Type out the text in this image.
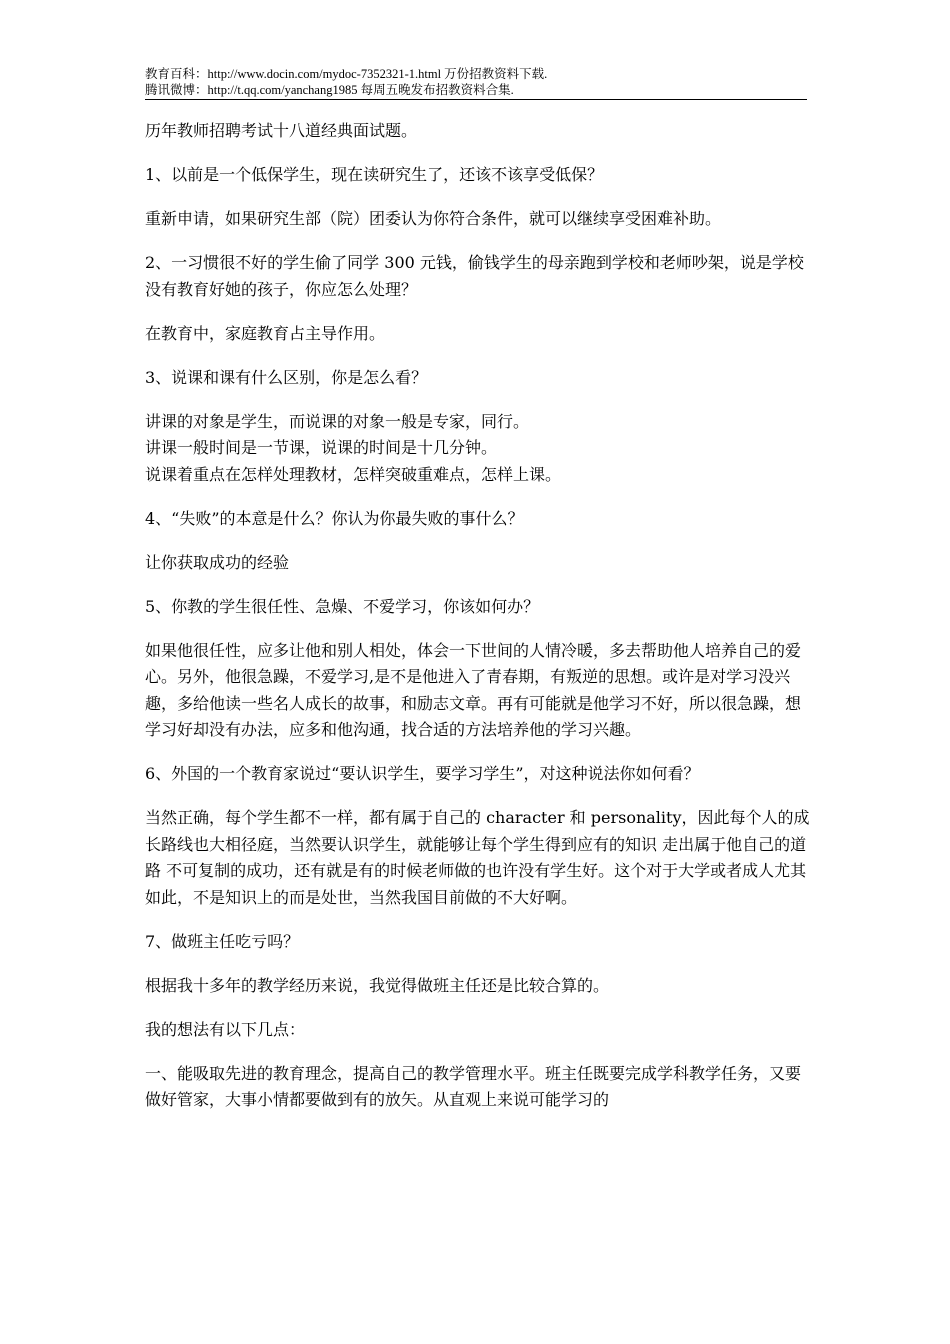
教育百科：http://www.docin.com/mydoc-7352321-1.html 万份招教资料下载.
腾讯微博：http://t.qq.com/yanchang1985 每周五晚发布招教资料合集.

历年教师招聘考试十八道经典面试题。

1、以前是一个低保学生，现在读研究生了，还该不该享受低保？

重新申请，如果研究生部（院）团委认为你符合条件，就可以继续享受困难补助。

2、一习惯很不好的学生偷了同学 300 元钱，偷钱学生的母亲跑到学校和老师吵架，说是学校没有教育好她的孩子，你应怎么处理？

在教育中，家庭教育占主导作用。

3、说课和课有什么区别，你是怎么看？

讲课的对象是学生，而说课的对象一般是专家，同行。

讲课一般时间是一节课，说课的时间是十几分钟。

说课着重点在怎样处理教材，怎样突破重难点，怎样上课。

4、“失败”的本意是什么？你认为你最失败的事什么？

让你获取成功的经验

5、你教的学生很任性、急燥、不爱学习，你该如何办？

如果他很任性，应多让他和别人相处，体会一下世间的人情冷暖，多去帮助他人培养自己的爱心。另外，他很急躁，不爱学习,是不是他进入了青春期，有叛逆的思想。或许是对学习没兴趣，多给他读一些名人成长的故事，和励志文章。再有可能就是他学习不好，所以很急躁，想学习好却没有办法，应多和他沟通，找合适的方法培养他的学习兴趣。

6、外国的一个教育家说过“要认识学生，要学习学生”，对这种说法你如何看？

当然正确，每个学生都不一样，都有属于自己的 character 和 personality，因此每个人的成长路线也大相径庭，当然要认识学生，就能够让每个学生得到应有的知识 走出属于他自己的道路 不可复制的成功，还有就是有的时候老师做的也许没有学生好。这个对于大学或者成人尤其如此，不是知识上的而是处世，当然我国目前做的不大好啊。

7、做班主任吃亏吗？

根据我十多年的教学经历来说，我觉得做班主任还是比较合算的。

我的想法有以下几点：

一、能吸取先进的教育理念，提高自己的教学管理水平。班主任既要完成学科教学任务，又要做好管家，大事小情都要做到有的放矢。从直观上来说可能学习的
